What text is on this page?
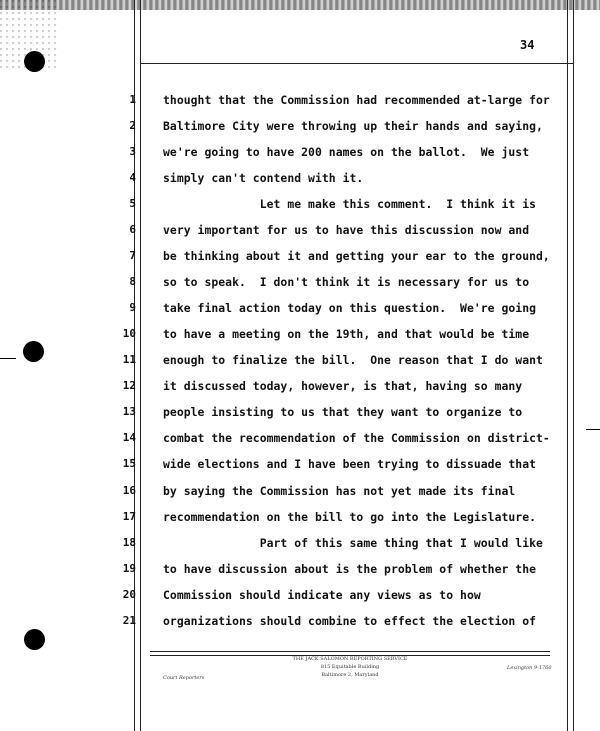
34
1
2
3
4
5
6
7
8
9
10
11
12
13
14
15
16
17
18
19
20
21
thought that the Commission had recommended at-large for
Baltimore City were throwing up their hands and saying,
we're going to have 200 names on the ballot.  We just
simply can't contend with it.
Let me make this comment.  I think it is
very important for us to have this discussion now and
be thinking about it and getting your ear to the ground,
so to speak.  I don't think it is necessary for us to
take final action today on this question.  We're going
to have a meeting on the 19th, and that would be time
enough to finalize the bill.  One reason that I do want
it discussed today, however, is that, having so many
people insisting to us that they want to organize to
combat the recommendation of the Commission on district-
wide elections and I have been trying to dissuade that
by saying the Commission has not yet made its final
recommendation on the bill to go into the Legislature.
Part of this same thing that I would like
to have discussion about is the problem of whether the
Commission should indicate any views as to how
organizations should combine to effect the election of
Court Reporters
THE JACK SALOMON REPORTING SERVICE
815 Equitable Building
Baltimore 2, Maryland
Lexington 9-1760
